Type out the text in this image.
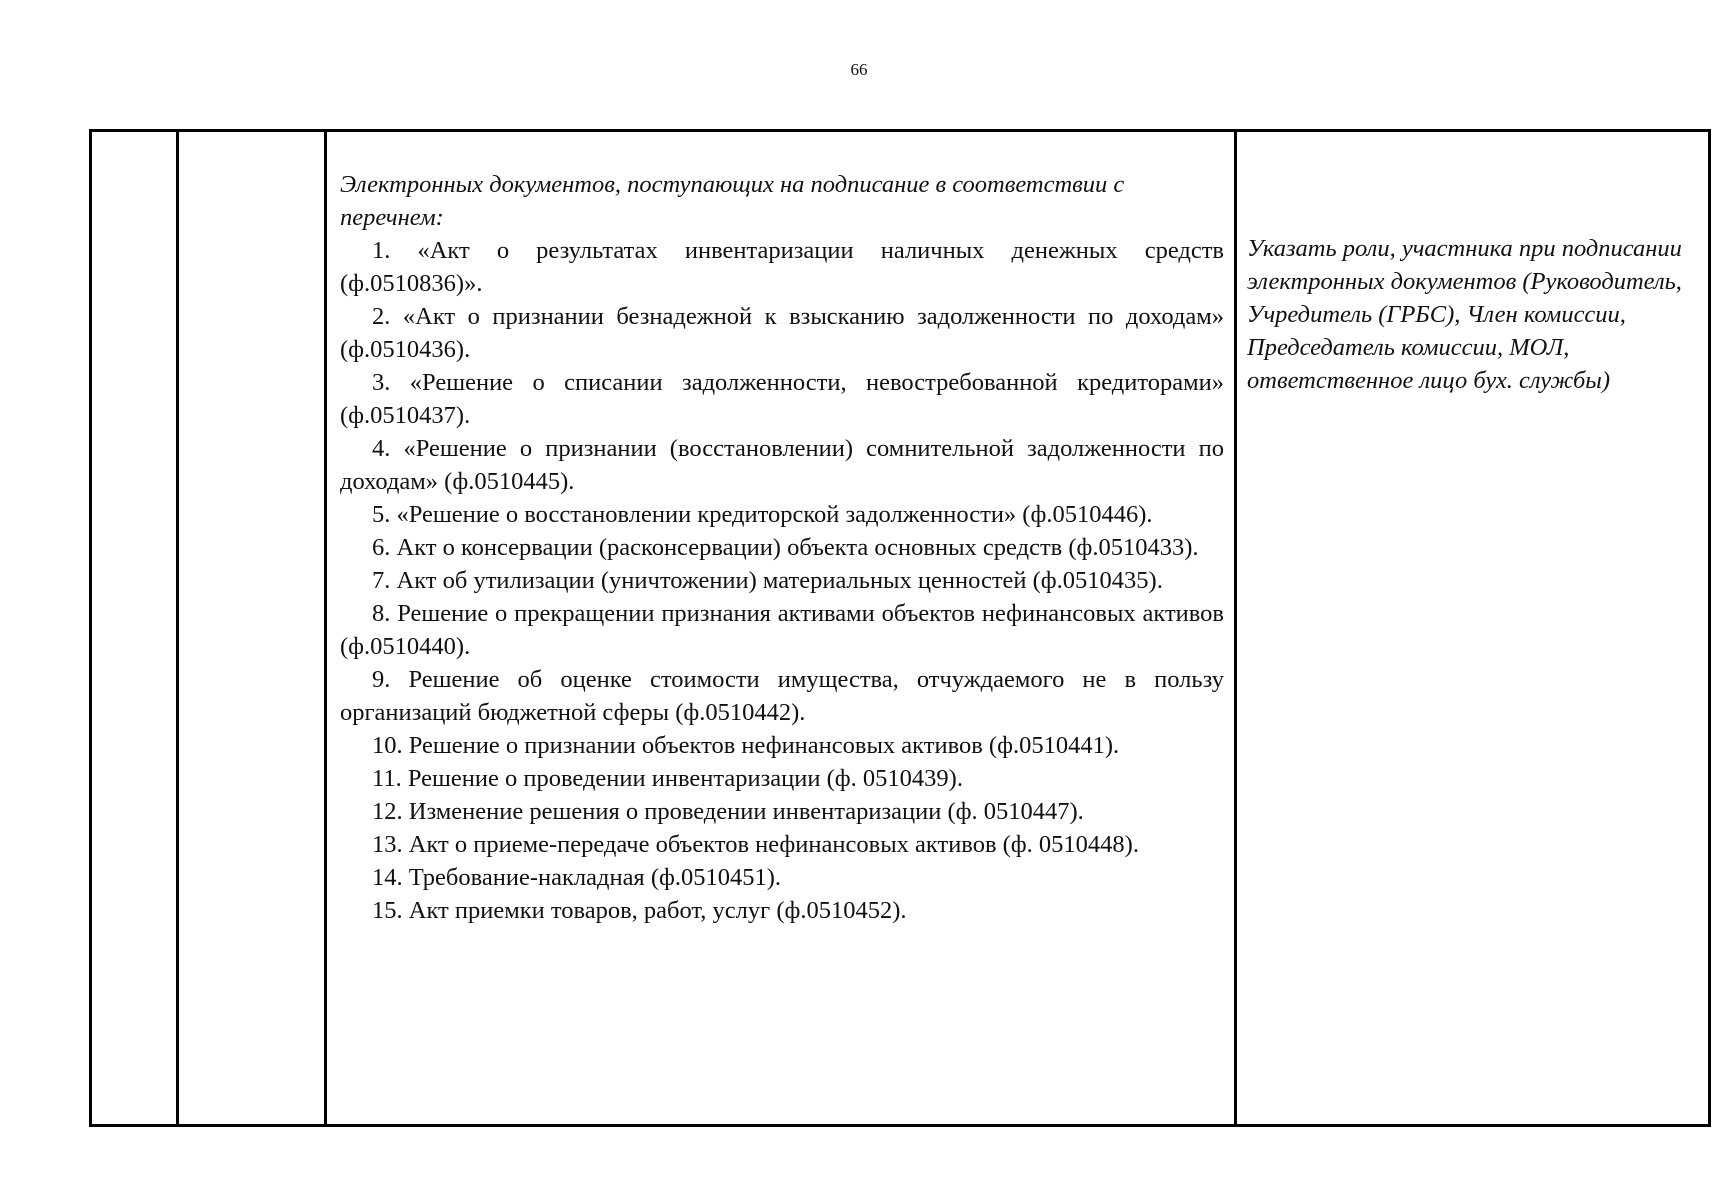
66

Электронных документов, поступающих на подписание в соответствии с перечнем:

1. «Акт о результатах инвентаризации наличных денежных средств (ф.0510836)».
2. «Акт о признании безнадежной к взысканию задолженности по доходам» (ф.0510436).
3. «Решение о списании задолженности, невостребованной кредиторами» (ф.0510437).
4. «Решение о признании (восстановлении) сомнительной задолженности по доходам» (ф.0510445).
5. «Решение о восстановлении кредиторской задолженности» (ф.0510446).
6. Акт о консервации (расконсервации) объекта основных средств (ф.0510433).
7. Акт об утилизации (уничтожении) материальных ценностей (ф.0510435).
8. Решение о прекращении признания активами объектов нефинансовых активов (ф.0510440).
9. Решение об оценке стоимости имущества, отчуждаемого не в пользу организаций бюджетной сферы (ф.0510442).
10. Решение о признании объектов нефинансовых активов (ф.0510441).
11. Решение о проведении инвентаризации (ф. 0510439).
12. Изменение решения о проведении инвентаризации (ф. 0510447).
13. Акт о приеме-передаче объектов нефинансовых активов (ф. 0510448).
14. Требование-накладная (ф.0510451).
15. Акт приемки товаров, работ, услуг (ф.0510452).

Указать роли, участника при подписании электронных документов (Руководитель, Учредитель (ГРБС), Член комиссии, Председатель комиссии, МОЛ, ответственное лицо бух. службы)
